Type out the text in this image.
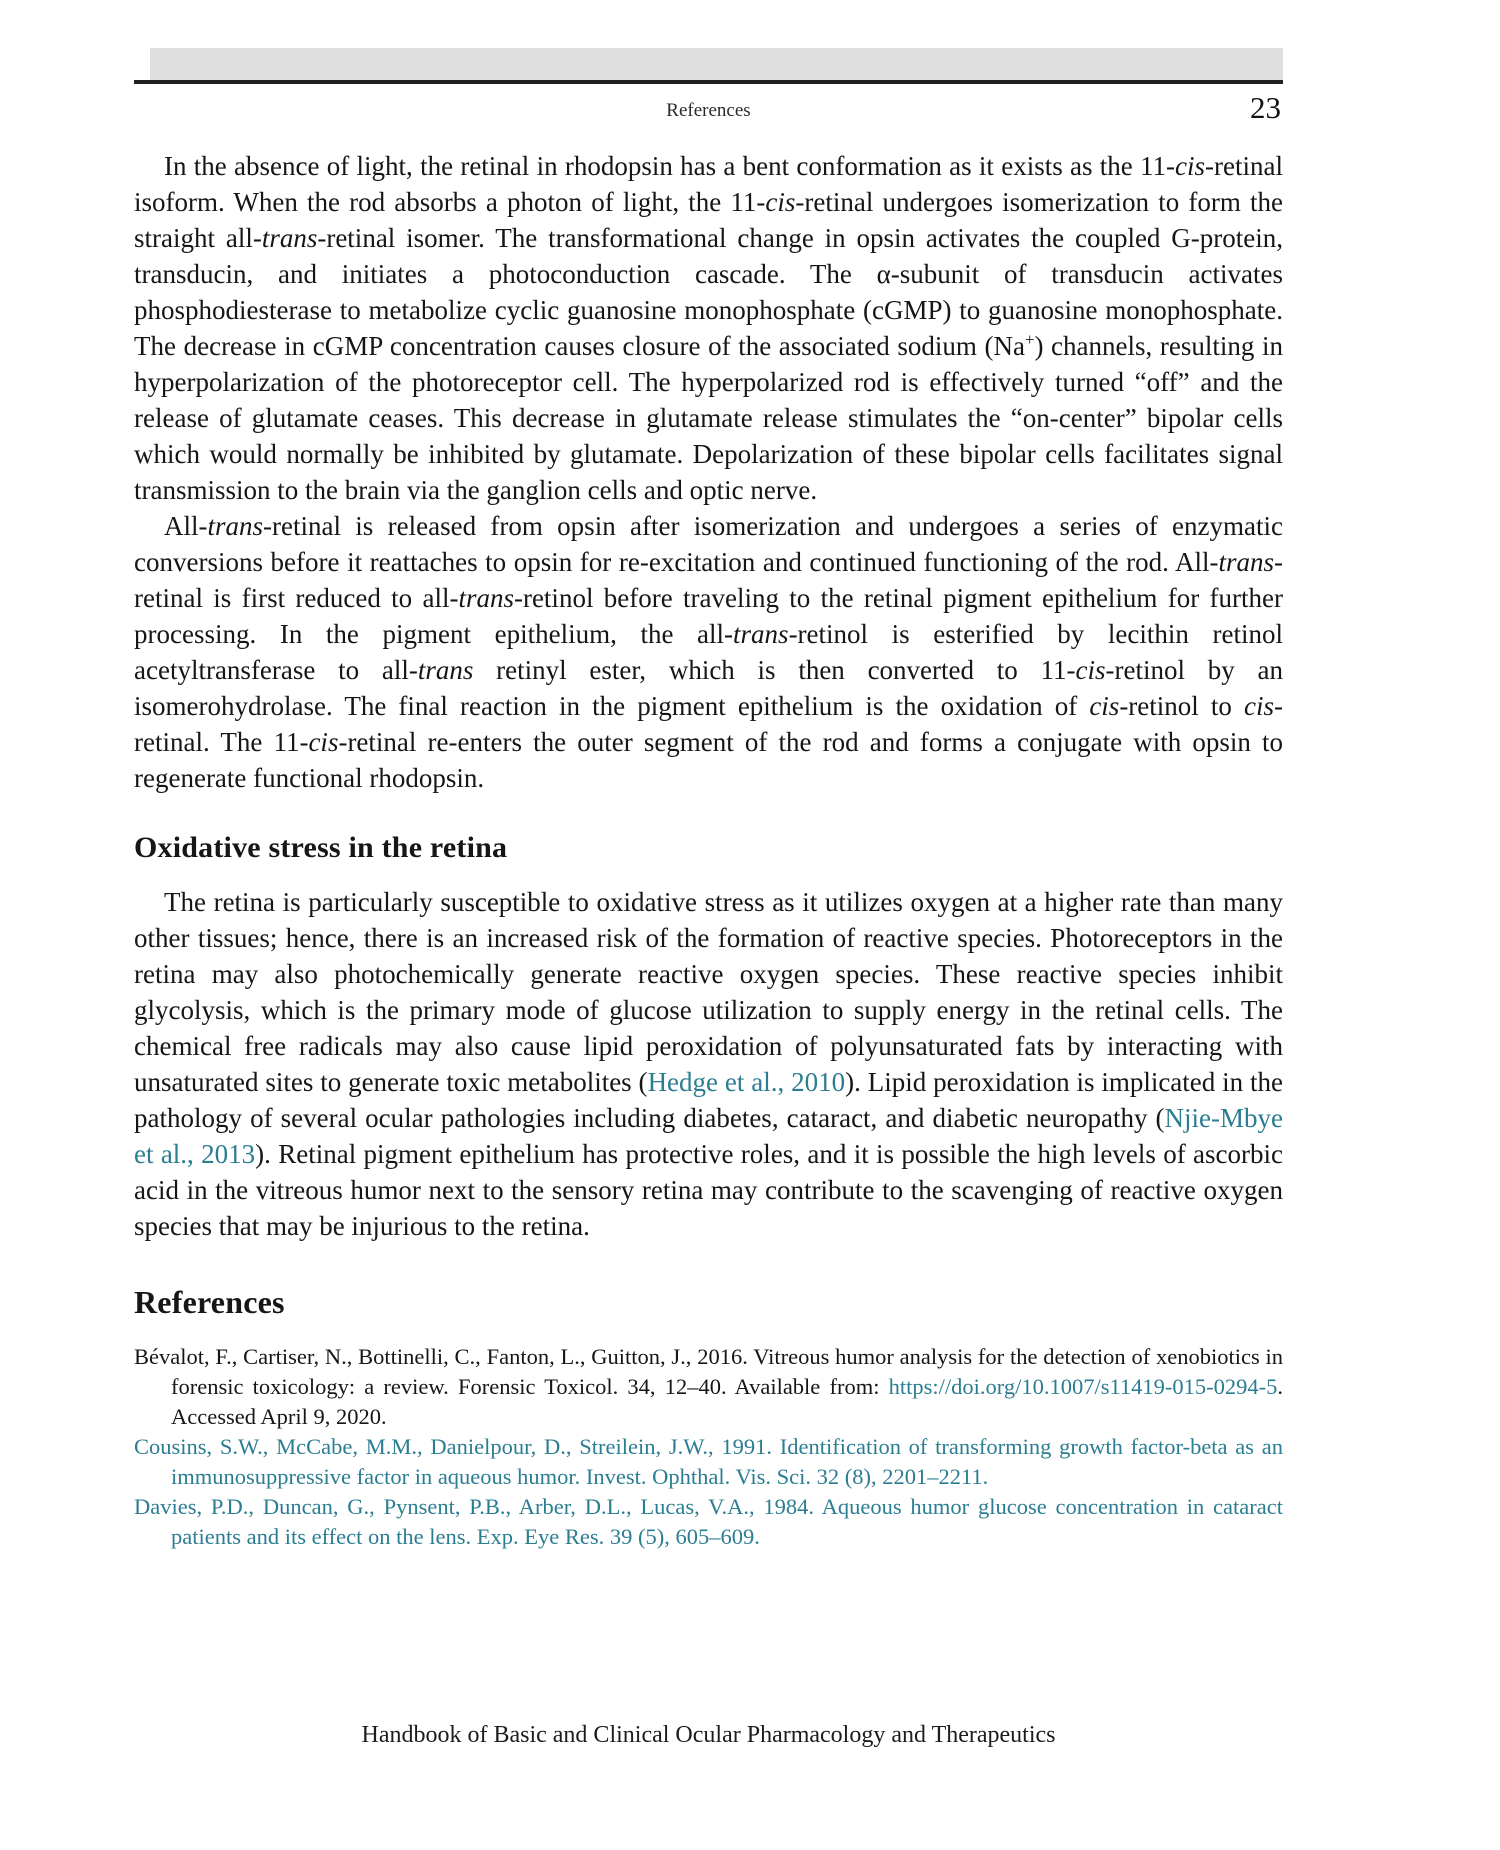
References	23

In the absence of light, the retinal in rhodopsin has a bent conformation as it exists as the 11-cis-retinal isoform. When the rod absorbs a photon of light, the 11-cis-retinal undergoes isomerization to form the straight all-trans-retinal isomer. The transformational change in opsin activates the coupled G-protein, transducin, and initiates a photoconduction cascade. The α-subunit of transducin activates phosphodiesterase to metabolize cyclic guanosine monophosphate (cGMP) to guanosine monophosphate. The decrease in cGMP concentration causes closure of the associated sodium (Na+) channels, resulting in hyperpolarization of the photoreceptor cell. The hyperpolarized rod is effectively turned “off” and the release of glutamate ceases. This decrease in glutamate release stimulates the “on-center” bipolar cells which would normally be inhibited by glutamate. Depolarization of these bipolar cells facilitates signal transmission to the brain via the ganglion cells and optic nerve.

All-trans-retinal is released from opsin after isomerization and undergoes a series of enzymatic conversions before it reattaches to opsin for re-excitation and continued functioning of the rod. All-trans-retinal is first reduced to all-trans-retinol before traveling to the retinal pigment epithelium for further processing. In the pigment epithelium, the all-trans-retinol is esterified by lecithin retinol acetyltransferase to all-trans retinyl ester, which is then converted to 11-cis-retinol by an isomerohydrolase. The final reaction in the pigment epithelium is the oxidation of cis-retinol to cis-retinal. The 11-cis-retinal re-enters the outer segment of the rod and forms a conjugate with opsin to regenerate functional rhodopsin.

Oxidative stress in the retina

The retina is particularly susceptible to oxidative stress as it utilizes oxygen at a higher rate than many other tissues; hence, there is an increased risk of the formation of reactive species. Photoreceptors in the retina may also photochemically generate reactive oxygen species. These reactive species inhibit glycolysis, which is the primary mode of glucose utilization to supply energy in the retinal cells. The chemical free radicals may also cause lipid peroxidation of polyunsaturated fats by interacting with unsaturated sites to generate toxic metabolites (Hedge et al., 2010). Lipid peroxidation is implicated in the pathology of several ocular pathologies including diabetes, cataract, and diabetic neuropathy (Njie-Mbye et al., 2013). Retinal pigment epithelium has protective roles, and it is possible the high levels of ascorbic acid in the vitreous humor next to the sensory retina may contribute to the scavenging of reactive oxygen species that may be injurious to the retina.

References

Bévalot, F., Cartiser, N., Bottinelli, C., Fanton, L., Guitton, J., 2016. Vitreous humor analysis for the detection of xenobiotics in forensic toxicology: a review. Forensic Toxicol. 34, 12–40. Available from: https://doi.org/10.1007/s11419-015-0294-5. Accessed April 9, 2020.

Cousins, S.W., McCabe, M.M., Danielpour, D., Streilein, J.W., 1991. Identification of transforming growth factor-beta as an immunosuppressive factor in aqueous humor. Invest. Ophthal. Vis. Sci. 32 (8), 2201–2211.

Davies, P.D., Duncan, G., Pynsent, P.B., Arber, D.L., Lucas, V.A., 1984. Aqueous humor glucose concentration in cataract patients and its effect on the lens. Exp. Eye Res. 39 (5), 605–609.

Handbook of Basic and Clinical Ocular Pharmacology and Therapeutics
